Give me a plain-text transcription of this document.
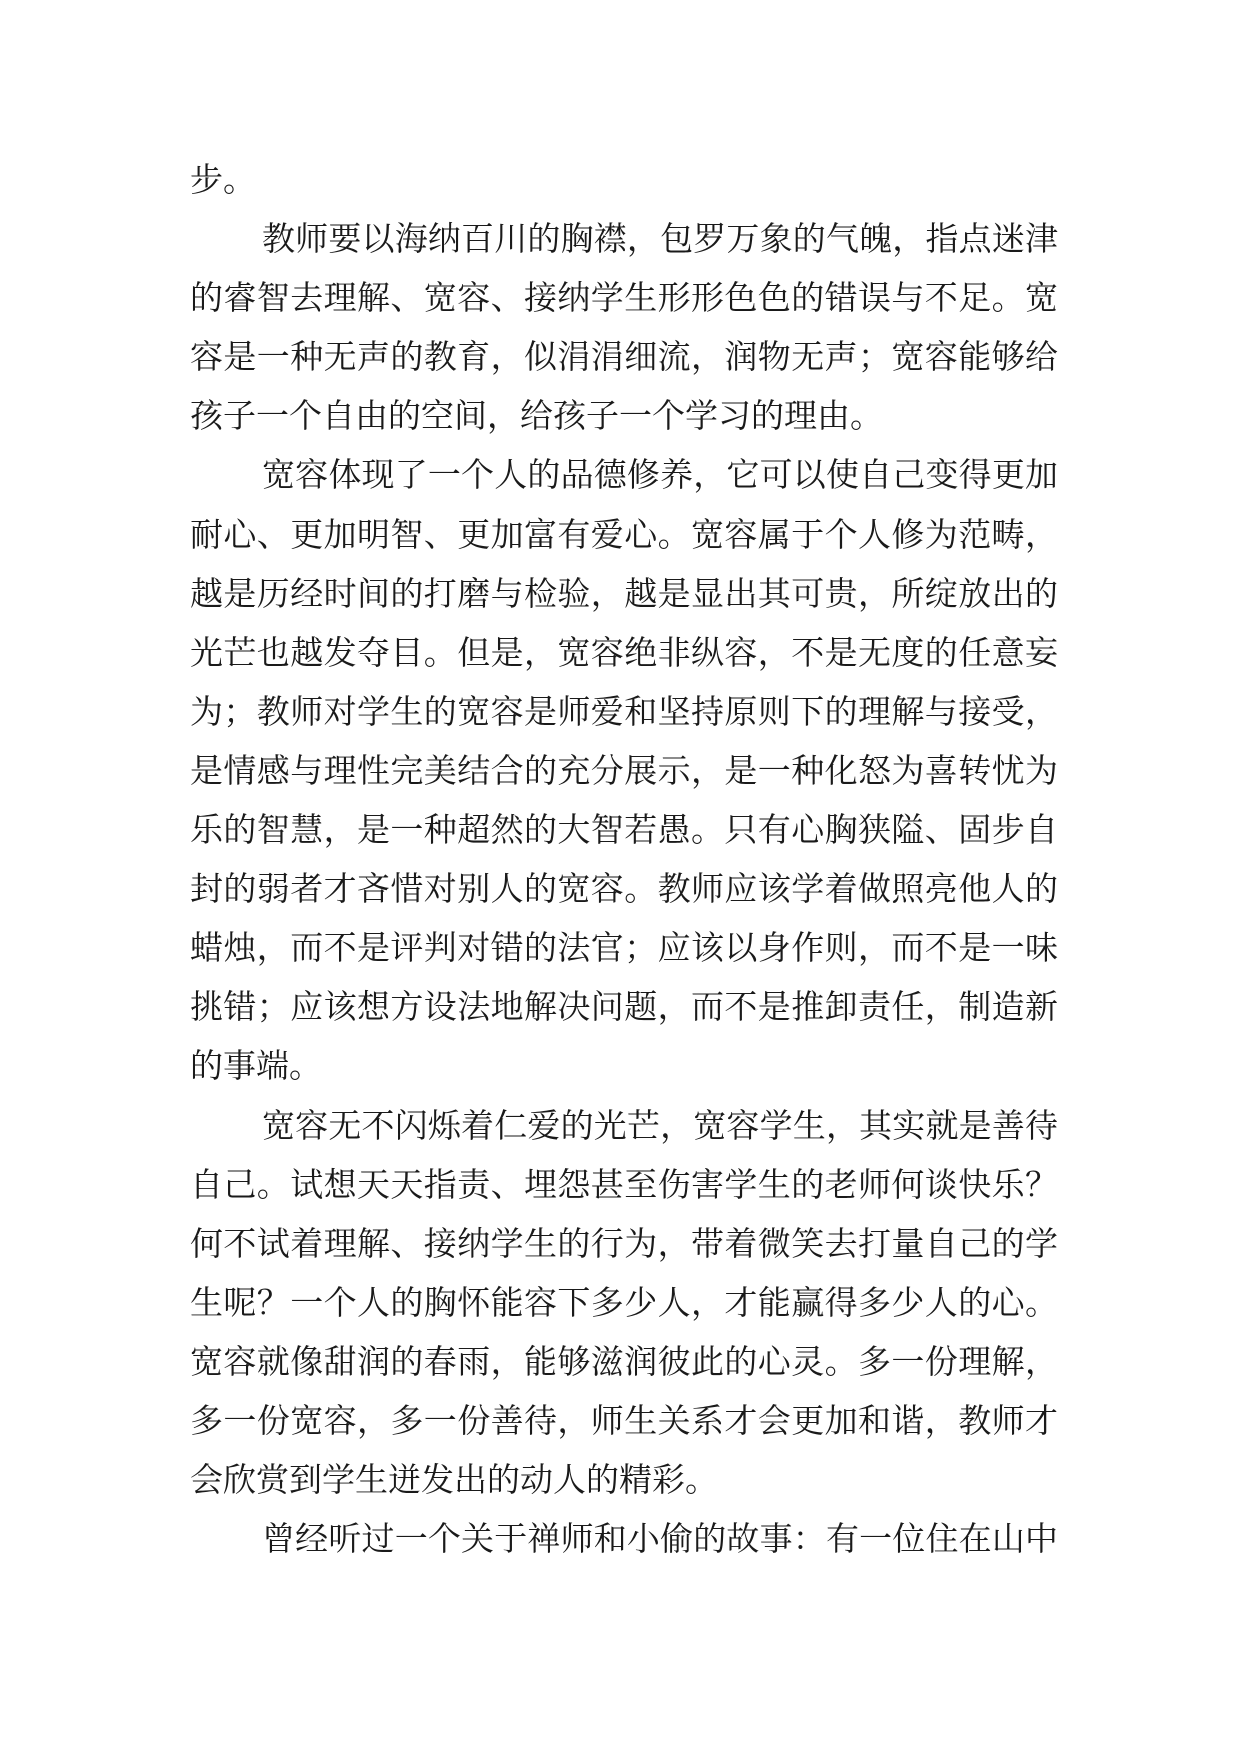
步。
教师要以海纳百川的胸襟，包罗万象的气魄，指点迷津
的睿智去理解、宽容、接纳学生形形色色的错误与不足。宽
容是一种无声的教育，似涓涓细流，润物无声；宽容能够给
孩子一个自由的空间，给孩子一个学习的理由。
宽容体现了一个人的品德修养，它可以使自己变得更加
耐心、更加明智、更加富有爱心。宽容属于个人修为范畴，
越是历经时间的打磨与检验，越是显出其可贵，所绽放出的
光芒也越发夺目。但是，宽容绝非纵容，不是无度的任意妄
为；教师对学生的宽容是师爱和坚持原则下的理解与接受，
是情感与理性完美结合的充分展示，是一种化怒为喜转忧为
乐的智慧，是一种超然的大智若愚。只有心胸狭隘、固步自
封的弱者才吝惜对别人的宽容。教师应该学着做照亮他人的
蜡烛，而不是评判对错的法官；应该以身作则，而不是一味
挑错；应该想方设法地解决问题，而不是推卸责任，制造新
的事端。
宽容无不闪烁着仁爱的光芒，宽容学生，其实就是善待
自己。试想天天指责、埋怨甚至伤害学生的老师何谈快乐？
何不试着理解、接纳学生的行为，带着微笑去打量自己的学
生呢？一个人的胸怀能容下多少人，才能赢得多少人的心。
宽容就像甜润的春雨，能够滋润彼此的心灵。多一份理解，
多一份宽容，多一份善待，师生关系才会更加和谐，教师才
会欣赏到学生迸发出的动人的精彩。
曾经听过一个关于禅师和小偷的故事：有一位住在山中
